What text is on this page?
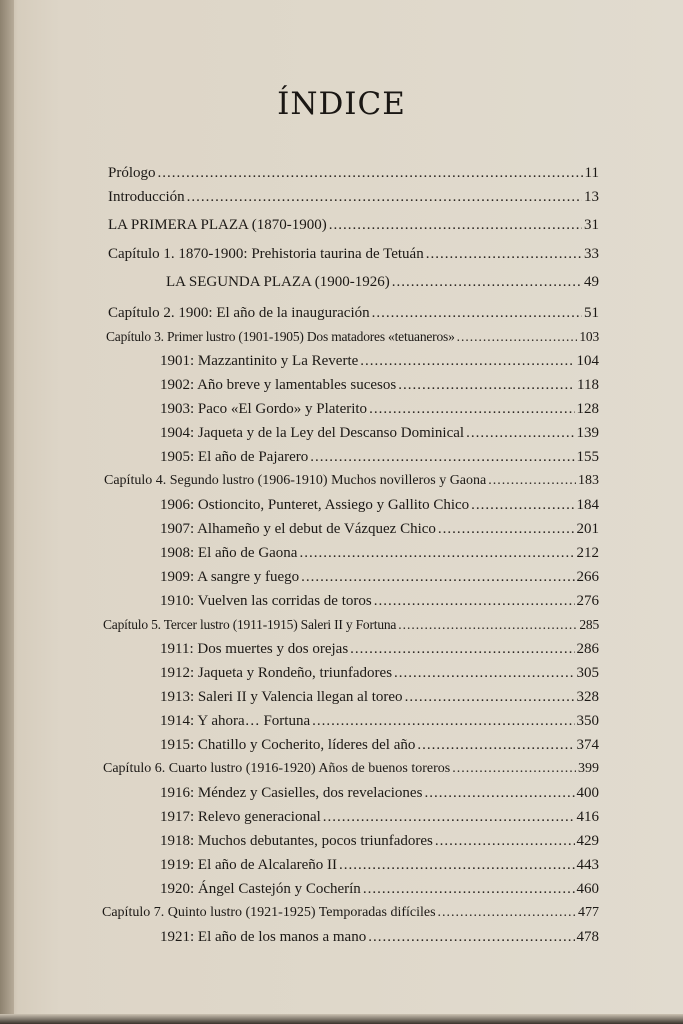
ÍNDICE
Prólogo .....	11
Introducción .....	13
LA PRIMERA PLAZA (1870-1900) .....	31
Capítulo 1. 1870-1900: Prehistoria taurina de Tetuán .....	33
LA SEGUNDA PLAZA (1900-1926) .....	49
Capítulo 2. 1900: El año de la inauguración .....	51
Capítulo 3. Primer lustro (1901-1905) Dos matadores «tetuaneros» .....	103
1901: Mazzantinito y La Reverte .....	104
1902: Año breve y lamentables sucesos .....	118
1903: Paco «El Gordo» y Platerito .....	128
1904: Jaqueta y de la Ley del Descanso Dominical .....	139
1905: El año de Pajarero .....	155
Capítulo 4. Segundo lustro (1906-1910) Muchos novilleros y Gaona .....	183
1906: Ostioncito, Punteret, Assiego y Gallito Chico .....	184
1907: Alhameño y el debut de Vázquez Chico .....	201
1908: El año de Gaona .....	212
1909: A sangre y fuego .....	266
1910: Vuelven las corridas de toros .....	276
Capítulo 5. Tercer lustro (1911-1915) Saleri II y Fortuna .....	285
1911: Dos muertes y dos orejas .....	286
1912: Jaqueta y Rondeño, triunfadores .....	305
1913: Saleri II y Valencia llegan al toreo .....	328
1914: Y ahora… Fortuna .....	350
1915: Chatillo y Cocherito, líderes del año .....	374
Capítulo 6. Cuarto lustro (1916-1920) Años de buenos toreros .....	399
1916: Méndez y Casielles, dos revelaciones .....	400
1917: Relevo generacional .....	416
1918: Muchos debutantes, pocos triunfadores .....	429
1919: El año de Alcalareño II .....	443
1920: Ángel Castejón y Cocherín .....	460
Capítulo 7. Quinto lustro (1921-1925) Temporadas difíciles .....	477
1921: El año de los manos a mano .....	478
